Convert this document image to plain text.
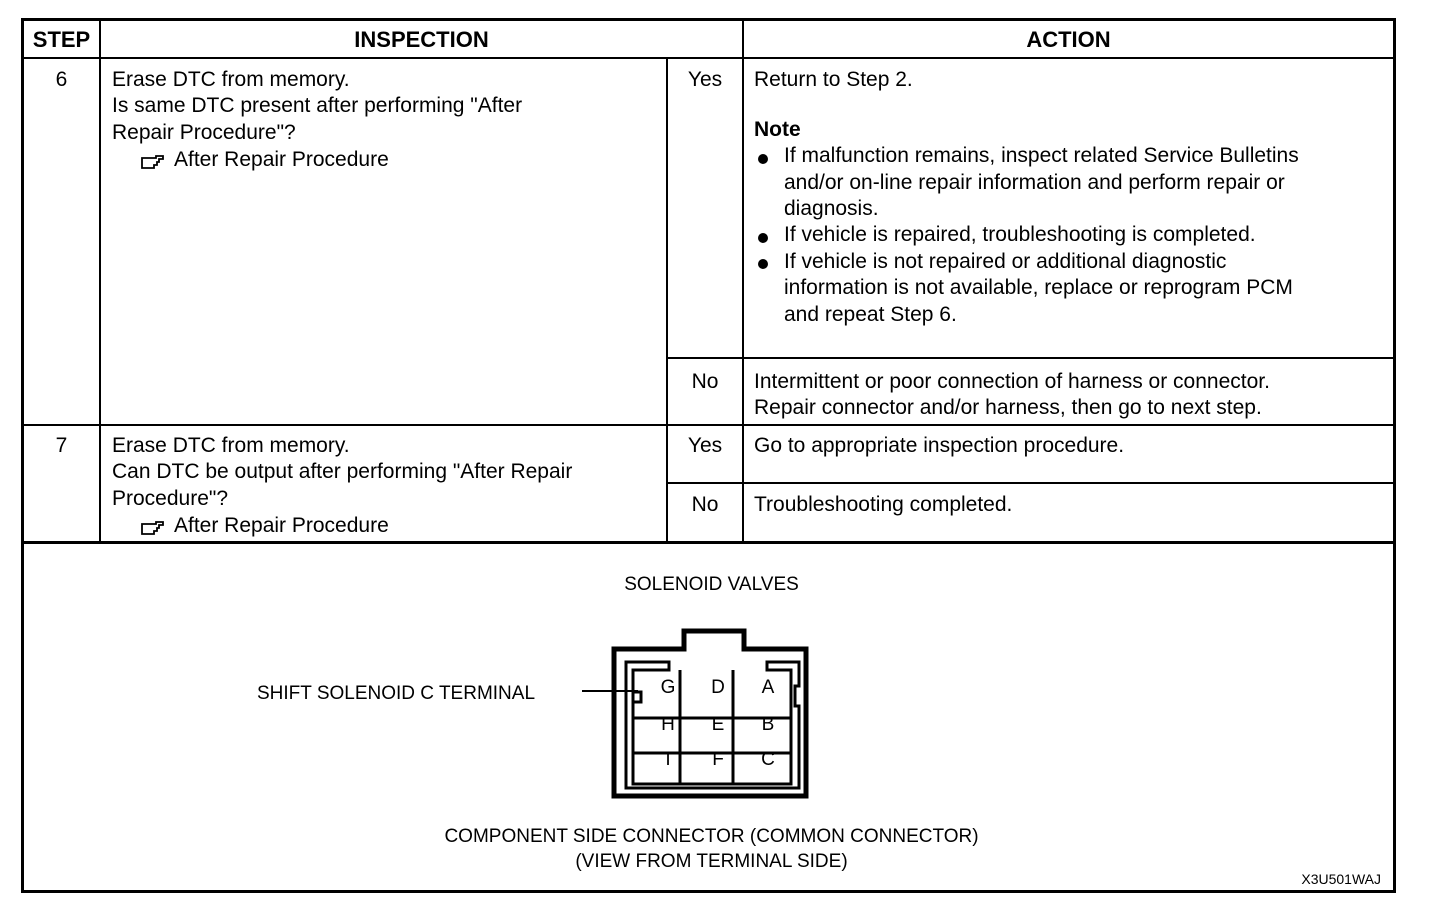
STEP	INSPECTION	ACTION
6	Erase DTC from memory.
Is same DTC present after performing "After
Repair Procedure"?
After Repair Procedure
Yes	Return to Step 2.
Note
If malfunction remains, inspect related Service Bulletins
and/or on-line repair information and perform repair or
diagnosis.
If vehicle is repaired, troubleshooting is completed.
If vehicle is not repaired or additional diagnostic
information is not available, replace or reprogram PCM
and repeat Step 6.
No	Intermittent or poor connection of harness or connector.
Repair connector and/or harness, then go to next step.
7	Erase DTC from memory.
Can DTC be output after performing "After Repair
Procedure"?
After Repair Procedure
Yes	Go to appropriate inspection procedure.
No	Troubleshooting completed.
SOLENOID VALVES
SHIFT SOLENOID C TERMINAL	G	D	A
H	E	B
I	F	C
COMPONENT SIDE CONNECTOR (COMMON CONNECTOR)
(VIEW FROM TERMINAL SIDE)
X3U501WAJ
